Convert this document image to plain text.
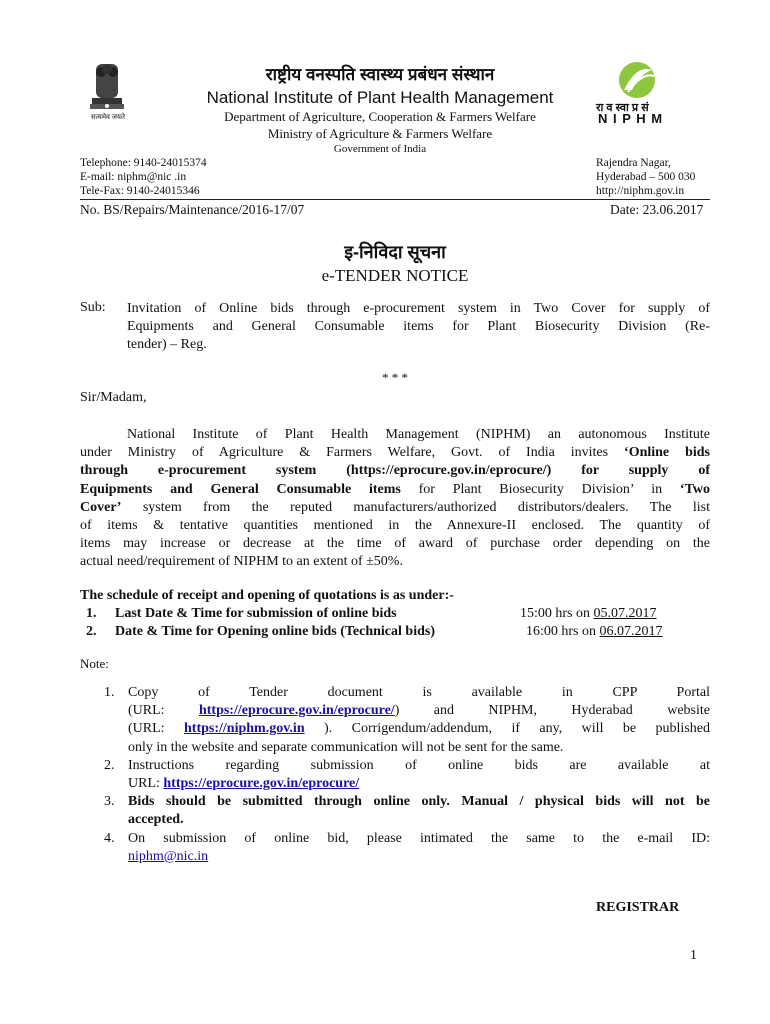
सत्यमेव जयते
रा व स्वा प्र सं
N I P H M
राष्ट्रीय वनस्पति स्वास्थ्य प्रबंधन संस्थान
National Institute of Plant Health Management
Department of Agriculture, Cooperation & Farmers Welfare
Ministry of Agriculture & Farmers Welfare
Government of India
Telephone: 9140-24015374
E-mail: niphm@nic .in
Tele-Fax: 9140-24015346
Rajendra Nagar,
Hyderabad – 500 030
http://niphm.gov.in
No. BS/Repairs/Maintenance/2016-17/07	Date: 23.06.2017
इ-निविदा सूचना
e-TENDER NOTICE
Sub: Invitation of Online bids through e-procurement system in Two Cover for supply of
Equipments and General Consumable items for Plant Biosecurity Division (Re-
tender) – Reg.
* * *
Sir/Madam,
National Institute of Plant Health Management (NIPHM) an autonomous Institute
under Ministry of Agriculture & Farmers Welfare, Govt. of India invites ‘Online bids
through e-procurement system (https://eprocure.gov.in/eprocure/) for supply of
Equipments and General Consumable items for Plant Biosecurity Division’ in ‘Two
Cover’ system from the reputed manufacturers/authorized distributors/dealers. The list
of items & tentative quantities mentioned in the Annexure-II enclosed. The quantity of
items may increase or decrease at the time of award of purchase order depending on the
actual need/requirement of NIPHM to an extent of ±50%.
The schedule of receipt and opening of quotations is as under:-
1. Last Date & Time for submission of online bids	15:00 hrs on 05.07.2017
2. Date & Time for Opening online bids (Technical bids)	16:00 hrs on 06.07.2017
Note:
1. Copy of Tender document is available in CPP Portal
(URL: https://eprocure.gov.in/eprocure/) and NIPHM, Hyderabad website
(URL: https://niphm.gov.in ). Corrigendum/addendum, if any, will be published
only in the website and separate communication will not be sent for the same.
2. Instructions regarding submission of online bids are available at
URL: https://eprocure.gov.in/eprocure/
3. Bids should be submitted through online only. Manual / physical bids will not be
accepted.
4. On submission of online bid, please intimated the same to the e-mail ID:
niphm@nic.in
REGISTRAR
1
